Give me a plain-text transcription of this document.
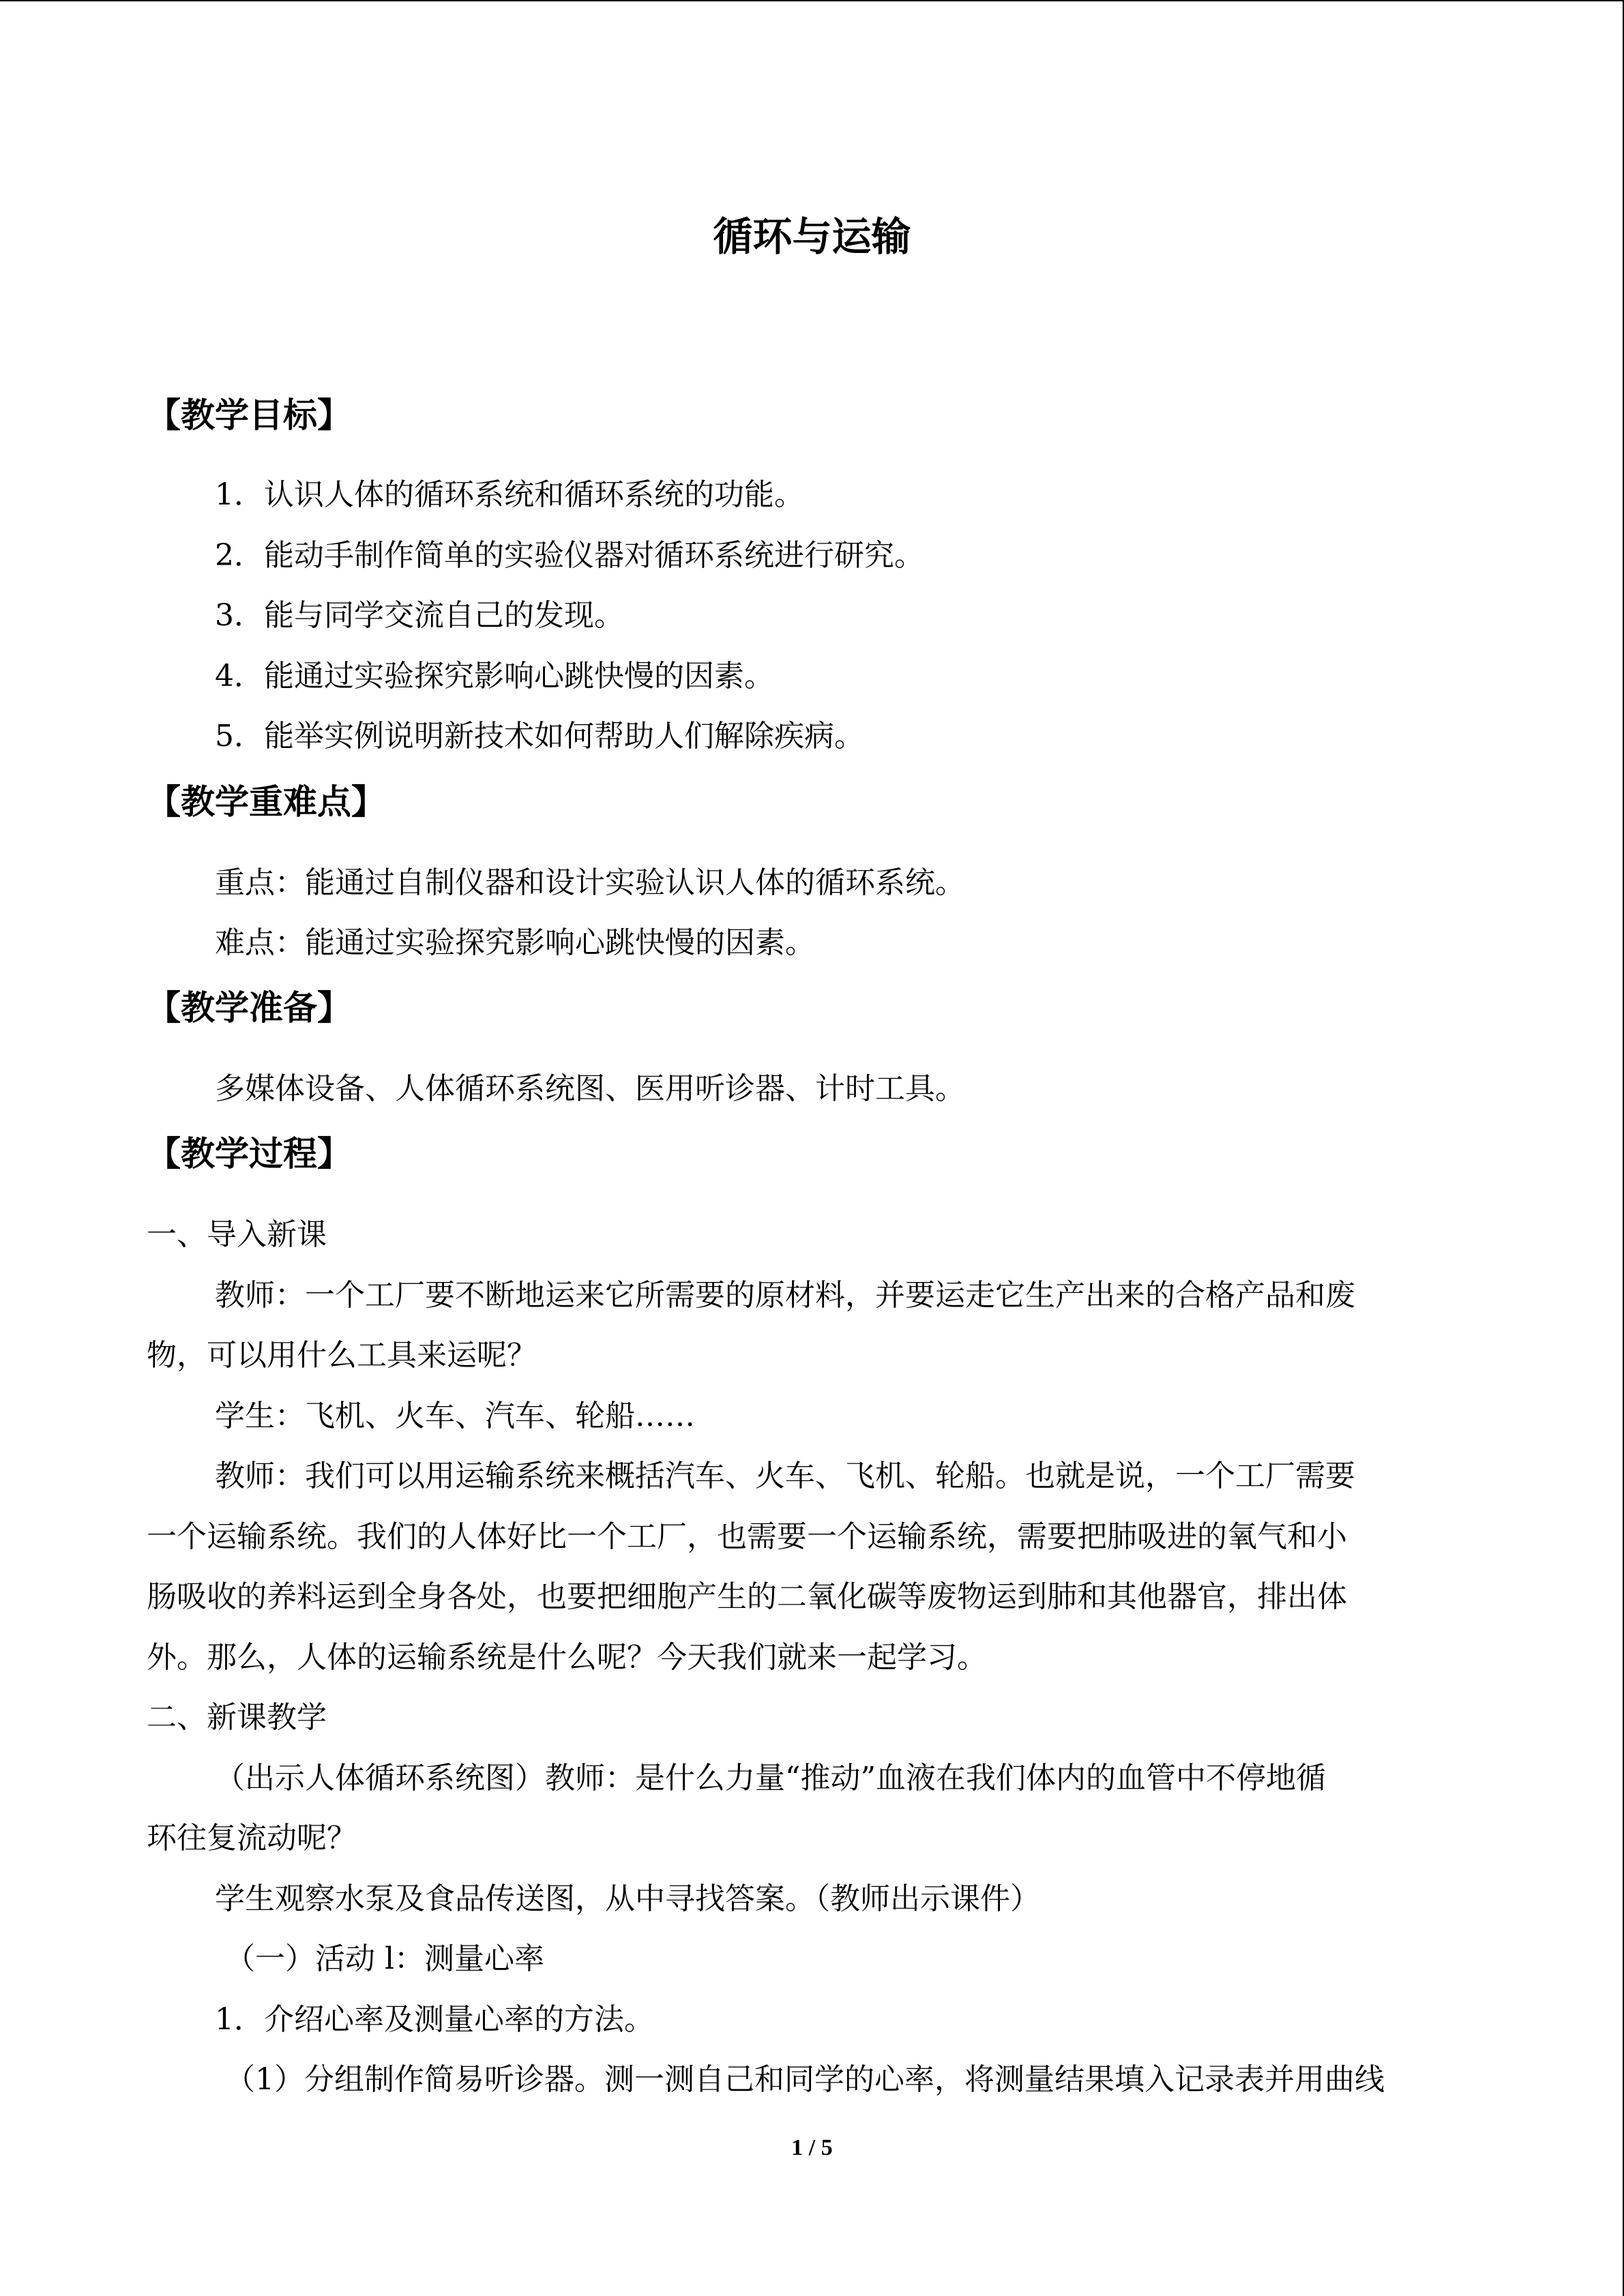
循环与运输
【教学目标】
1．认识人体的循环系统和循环系统的功能。
2．能动手制作简单的实验仪器对循环系统进行研究。
3．能与同学交流自己的发现。
4．能通过实验探究影响心跳快慢的因素。
5．能举实例说明新技术如何帮助人们解除疾病。
【教学重难点】
重点：能通过自制仪器和设计实验认识人体的循环系统。
难点：能通过实验探究影响心跳快慢的因素。
【教学准备】
多媒体设备、人体循环系统图、医用听诊器、计时工具。
【教学过程】
一、导入新课
教师：一个工厂要不断地运来它所需要的原材料，并要运走它生产出来的合格产品和废
物，可以用什么工具来运呢？
学生：飞机、火车、汽车、轮船……
教师：我们可以用运输系统来概括汽车、火车、飞机、轮船。也就是说，一个工厂需要
一个运输系统。我们的人体好比一个工厂，也需要一个运输系统，需要把肺吸进的氧气和小
肠吸收的养料运到全身各处，也要把细胞产生的二氧化碳等废物运到肺和其他器官，排出体
外。那么，人体的运输系统是什么呢？今天我们就来一起学习。
二、新课教学
（出示人体循环系统图）教师：是什么力量“推动”血液在我们体内的血管中不停地循
环往复流动呢？
学生观察水泵及食品传送图，从中寻找答案。（教师出示课件）
（一）活动 l：测量心率
1．介绍心率及测量心率的方法。
（1）分组制作简易听诊器。测一测自己和同学的心率，将测量结果填入记录表并用曲线
1 / 5
